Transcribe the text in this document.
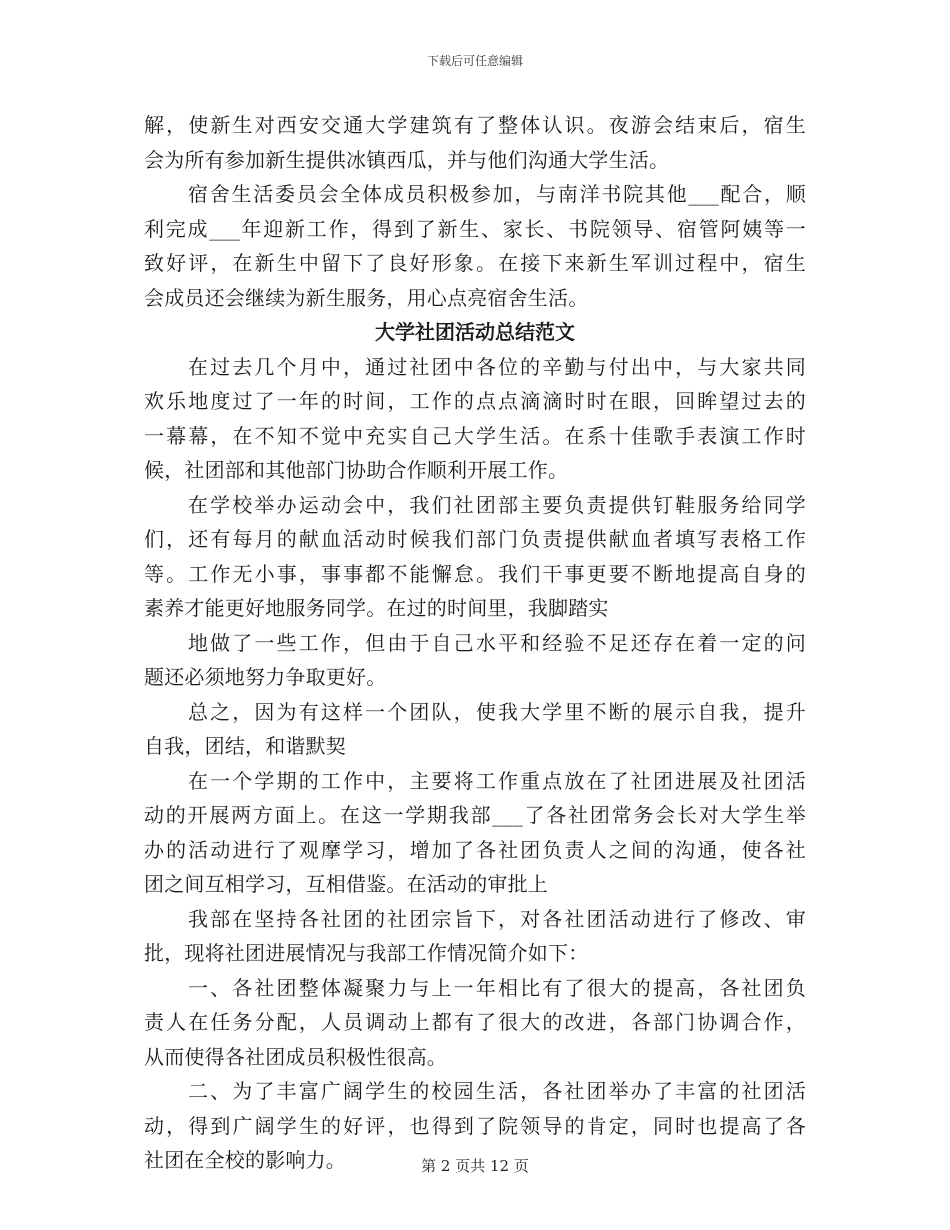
下载后可任意编辑
解，使新生对西安交通大学建筑有了整体认识。夜游会结束后，宿生
会为所有参加新生提供冰镇西瓜，并与他们沟通大学生活。
宿舍生活委员会全体成员积极参加，与南洋书院其他___配合，顺
利完成___年迎新工作，得到了新生、家长、书院领导、宿管阿姨等一
致好评，在新生中留下了良好形象。在接下来新生军训过程中，宿生
会成员还会继续为新生服务，用心点亮宿舍生活。
大学社团活动总结范文
在过去几个月中，通过社团中各位的辛勤与付出中，与大家共同
欢乐地度过了一年的时间，工作的点点滴滴时时在眼，回眸望过去的
一幕幕，在不知不觉中充实自己大学生活。在系十佳歌手表演工作时
候，社团部和其他部门协助合作顺利开展工作。
在学校举办运动会中，我们社团部主要负责提供钉鞋服务给同学
们，还有每月的献血活动时候我们部门负责提供献血者填写表格工作
等。工作无小事，事事都不能懈怠。我们干事更要不断地提高自身的
素养才能更好地服务同学。在过的时间里，我脚踏实
地做了一些工作，但由于自己水平和经验不足还存在着一定的问
题还必须地努力争取更好。
总之，因为有这样一个团队，使我大学里不断的展示自我，提升
自我，团结，和谐默契
在一个学期的工作中，主要将工作重点放在了社团进展及社团活
动的开展两方面上。在这一学期我部___了各社团常务会长对大学生举
办的活动进行了观摩学习，增加了各社团负责人之间的沟通，使各社
团之间互相学习，互相借鉴。在活动的审批上
我部在坚持各社团的社团宗旨下，对各社团活动进行了修改、审
批，现将社团进展情况与我部工作情况简介如下：
一、各社团整体凝聚力与上一年相比有了很大的提高，各社团负
责人在任务分配，人员调动上都有了很大的改进，各部门协调合作，
从而使得各社团成员积极性很高。
二、为了丰富广阔学生的校园生活，各社团举办了丰富的社团活
动，得到广阔学生的好评，也得到了院领导的肯定，同时也提高了各
社团在全校的影响力。	第 2 页共 12 页
